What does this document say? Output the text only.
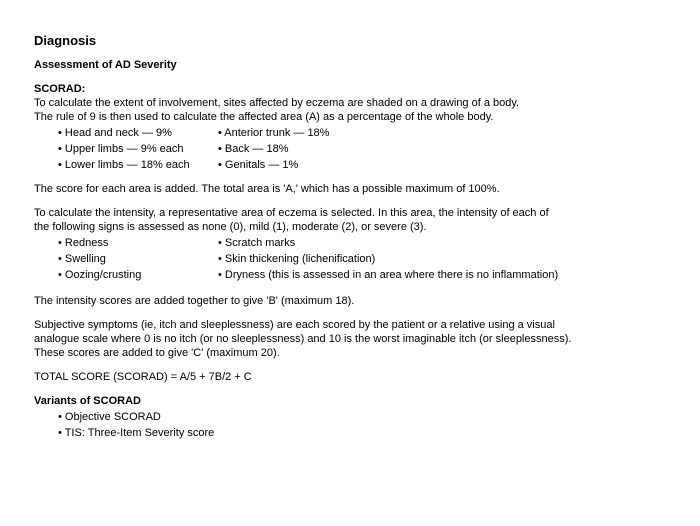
Diagnosis
Assessment of AD Severity
SCORAD:
To calculate the extent of involvement, sites affected by eczema are shaded on a drawing of a body.
The rule of 9 is then used to calculate the affected area (A) as a percentage of the whole body.
• Head and neck — 9%
• Upper limbs — 9% each
• Lower limbs — 18% each
• Anterior trunk — 18%
• Back — 18%
• Genitals — 1%
The score for each area is added. The total area is 'A,' which has a possible maximum of 100%.
To calculate the intensity, a representative area of eczema is selected. In this area, the intensity of each of
the following signs is assessed as none (0), mild (1), moderate (2), or severe (3).
• Redness
• Swelling
• Oozing/crusting
• Scratch marks
• Skin thickening (lichenification)
• Dryness (this is assessed in an area where there is no inflammation)
The intensity scores are added together to give 'B' (maximum 18).
Subjective symptoms (ie, itch and sleeplessness) are each scored by the patient or a relative using a visual
analogue scale where 0 is no itch (or no sleeplessness) and 10 is the worst imaginable itch (or sleeplessness).
These scores are added to give 'C' (maximum 20).
TOTAL SCORE (SCORAD) = A/5 + 7B/2 + C
Variants of SCORAD
• Objective SCORAD
• TIS: Three-Item Severity score
